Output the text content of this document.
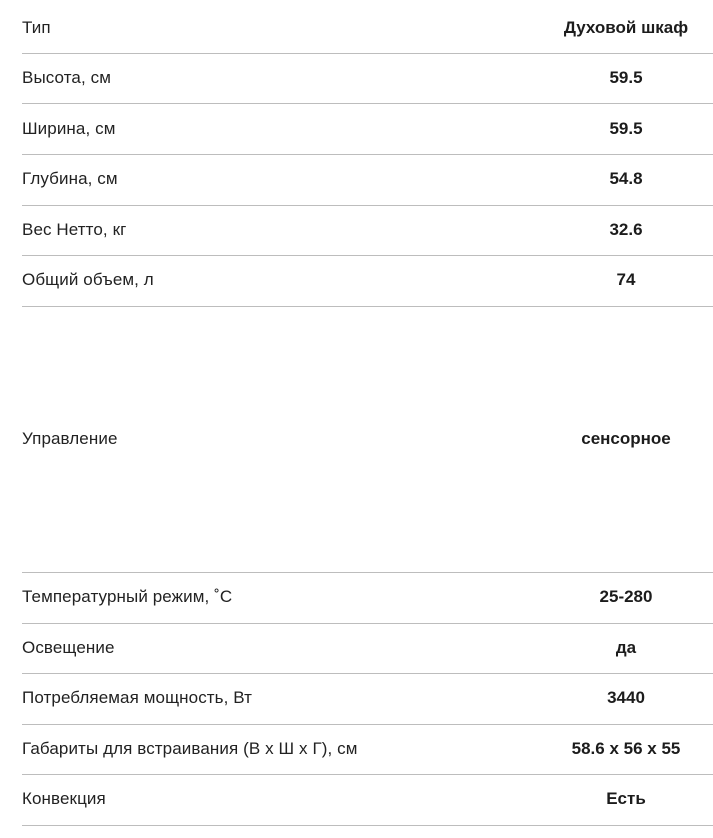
Тип	Духовой шкаф
Высота, см	59.5
Ширина, см	59.5
Глубина, см	54.8
Вес Нетто, кг	32.6
Общий объем, л	74
Управление	сенсорное
Температурный режим, ˚C	25-280
Освещение	да
Потребляемая мощность, Вт	3440
Габариты для встраивания (В х Ш х Г), см	58.6 х 56 х 55
Конвекция	Есть
